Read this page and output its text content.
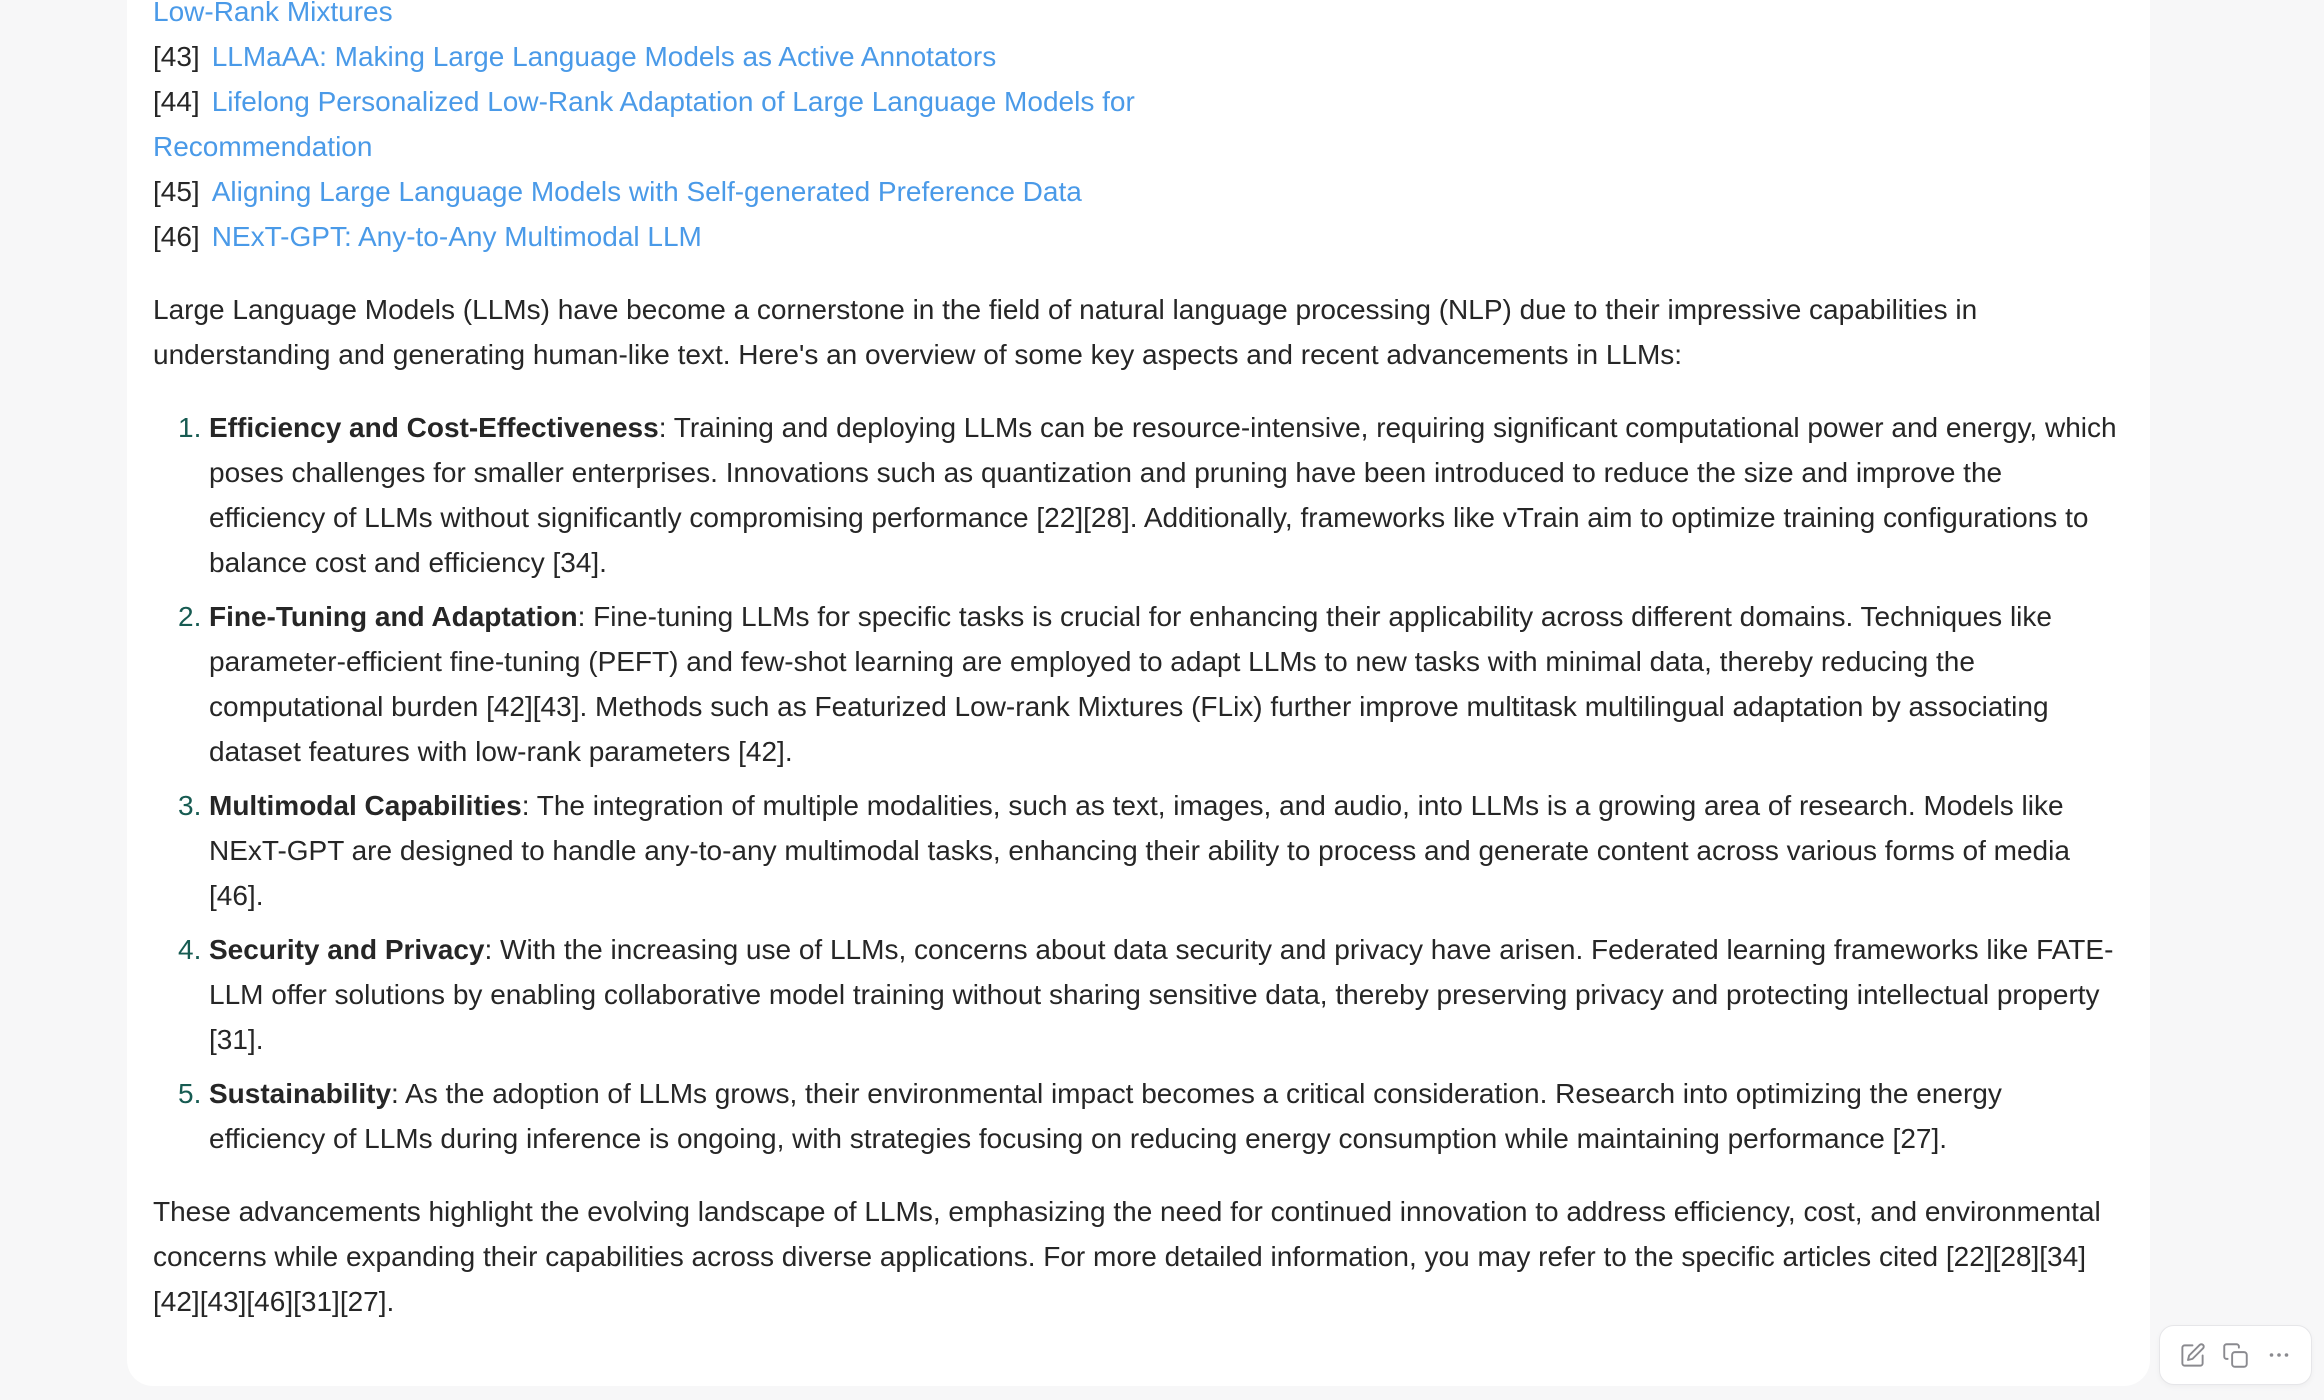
Low-Rank Mixtures
[43] LLMaAA: Making Large Language Models as Active Annotators
[44] Lifelong Personalized Low-Rank Adaptation of Large Language Models for Recommendation
[45] Aligning Large Language Models with Self-generated Preference Data
[46] NExT-GPT: Any-to-Any Multimodal LLM

Large Language Models (LLMs) have become a cornerstone in the field of natural language processing (NLP) due to their impressive capabilities in understanding and generating human-like text. Here's an overview of some key aspects and recent advancements in LLMs:

1. Efficiency and Cost-Effectiveness: Training and deploying LLMs can be resource-intensive, requiring significant computational power and energy, which poses challenges for smaller enterprises. Innovations such as quantization and pruning have been introduced to reduce the size and improve the efficiency of LLMs without significantly compromising performance [22][28]. Additionally, frameworks like vTrain aim to optimize training configurations to balance cost and efficiency [34].
2. Fine-Tuning and Adaptation: Fine-tuning LLMs for specific tasks is crucial for enhancing their applicability across different domains. Techniques like parameter-efficient fine-tuning (PEFT) and few-shot learning are employed to adapt LLMs to new tasks with minimal data, thereby reducing the computational burden [42][43]. Methods such as Featurized Low-rank Mixtures (FLix) further improve multitask multilingual adaptation by associating dataset features with low-rank parameters [42].
3. Multimodal Capabilities: The integration of multiple modalities, such as text, images, and audio, into LLMs is a growing area of research. Models like NExT-GPT are designed to handle any-to-any multimodal tasks, enhancing their ability to process and generate content across various forms of media [46].
4. Security and Privacy: With the increasing use of LLMs, concerns about data security and privacy have arisen. Federated learning frameworks like FATE-LLM offer solutions by enabling collaborative model training without sharing sensitive data, thereby preserving privacy and protecting intellectual property [31].
5. Sustainability: As the adoption of LLMs grows, their environmental impact becomes a critical consideration. Research into optimizing the energy efficiency of LLMs during inference is ongoing, with strategies focusing on reducing energy consumption while maintaining performance [27].

These advancements highlight the evolving landscape of LLMs, emphasizing the need for continued innovation to address efficiency, cost, and environmental concerns while expanding their capabilities across diverse applications. For more detailed information, you may refer to the specific articles cited [22][28][34][42][43][46][31][27].
